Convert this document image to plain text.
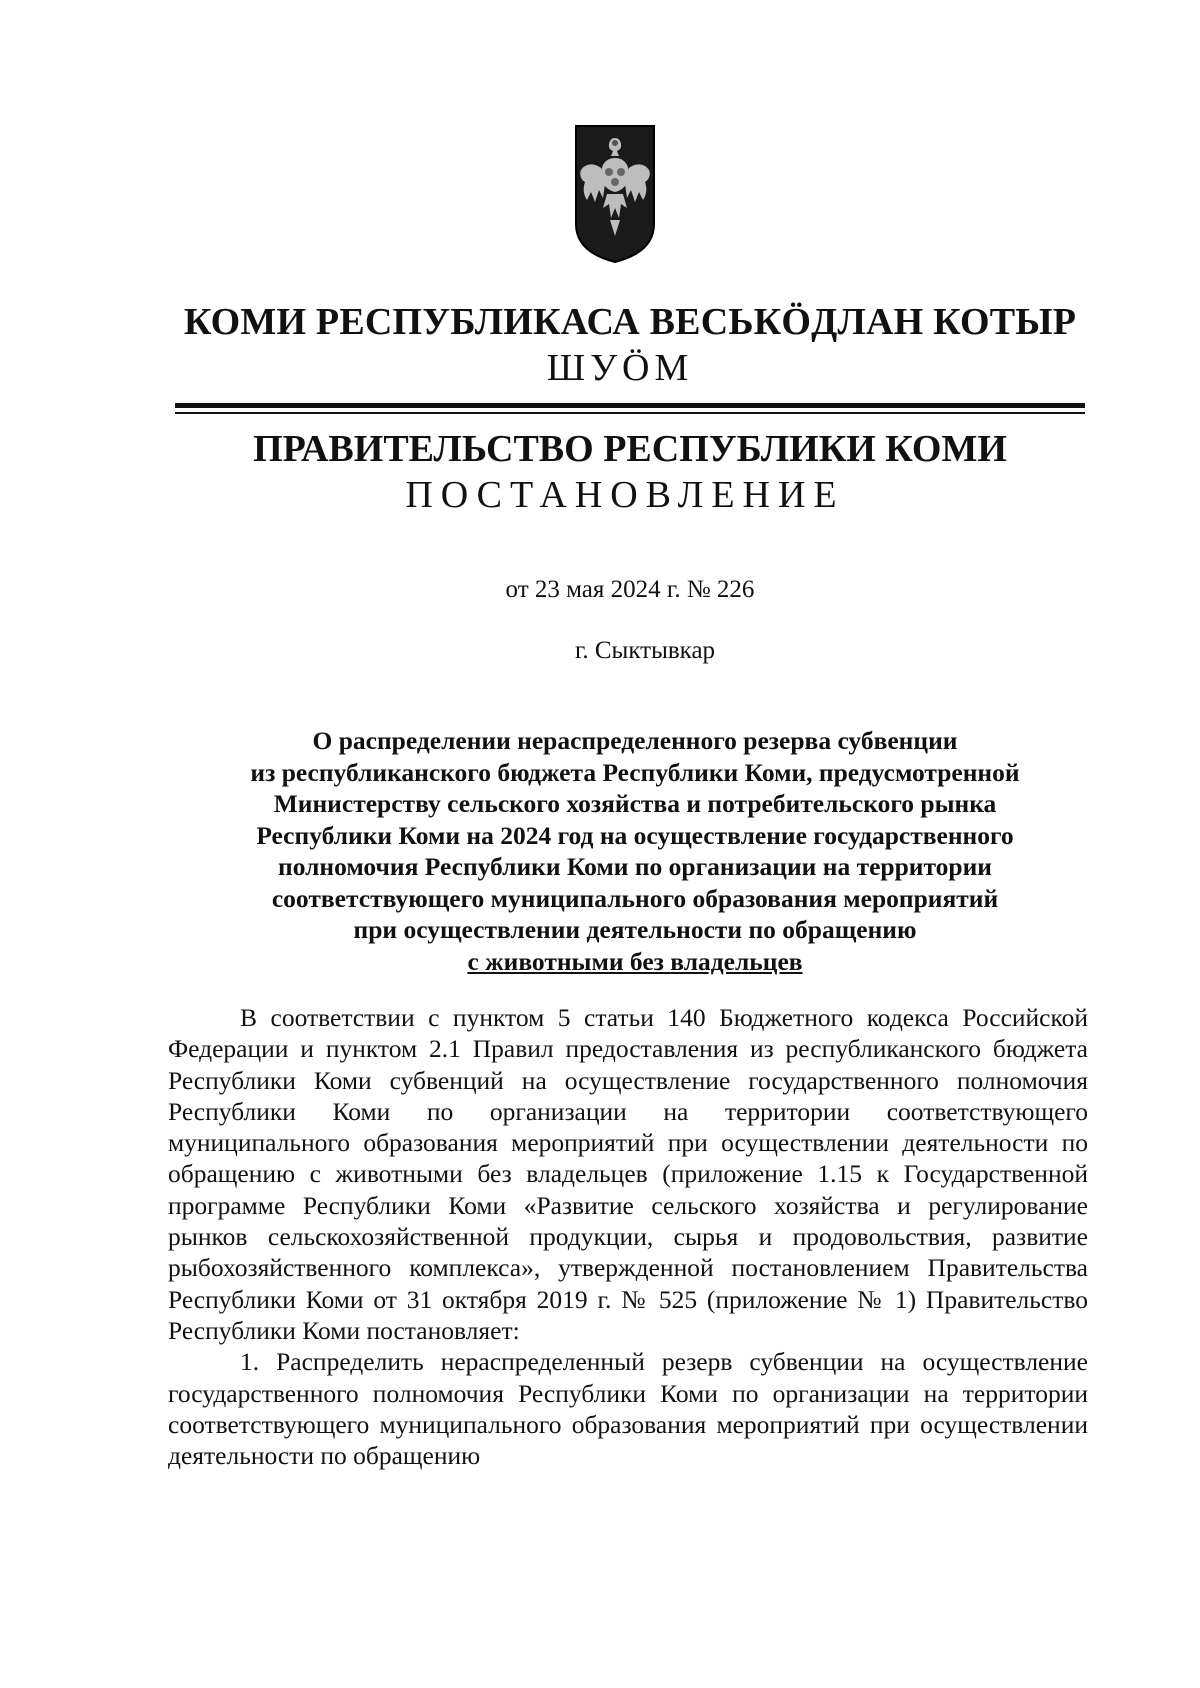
КОМИ РЕСПУБЛИКАСА ВЕСЬКӦДЛАН КОТЫР
ШУӦМ
ПРАВИТЕЛЬСТВО РЕСПУБЛИКИ КОМИ
ПОСТАНОВЛЕНИЕ
от 23 мая 2024 г. № 226
г. Сыктывкар
О распределении нераспределенного резерва субвенции
из республиканского бюджета Республики Коми, предусмотренной
Министерству сельского хозяйства и потребительского рынка
Республики Коми на 2024 год на осуществление государственного
полномочия Республики Коми по организации на территории
соответствующего муниципального образования мероприятий
при осуществлении деятельности по обращению
с животными без владельцев

В соответствии с пунктом 5 статьи 140 Бюджетного кодекса Российской Федерации и пунктом 2.1 Правил предоставления из республиканского бюджета Республики Коми субвенций на осуществление государственного полномочия Республики Коми по организации на территории соответствующего муниципального образования мероприятий при осуществлении деятельности по обращению с животными без владельцев (приложение 1.15 к Государственной программе Республики Коми «Развитие сельского хозяйства и регулирование рынков сельскохозяйственной продукции, сырья и продовольствия, развитие рыбохозяйственного комплекса», утвержденной постановлением Правительства Республики Коми от 31 октября 2019 г. № 525 (приложение № 1) Правительство Республики Коми постановляет:

1. Распределить нераспределенный резерв субвенции на осуществление государственного полномочия Республики Коми по организации на территории соответствующего муниципального образования мероприятий при осуществлении деятельности по обращению
